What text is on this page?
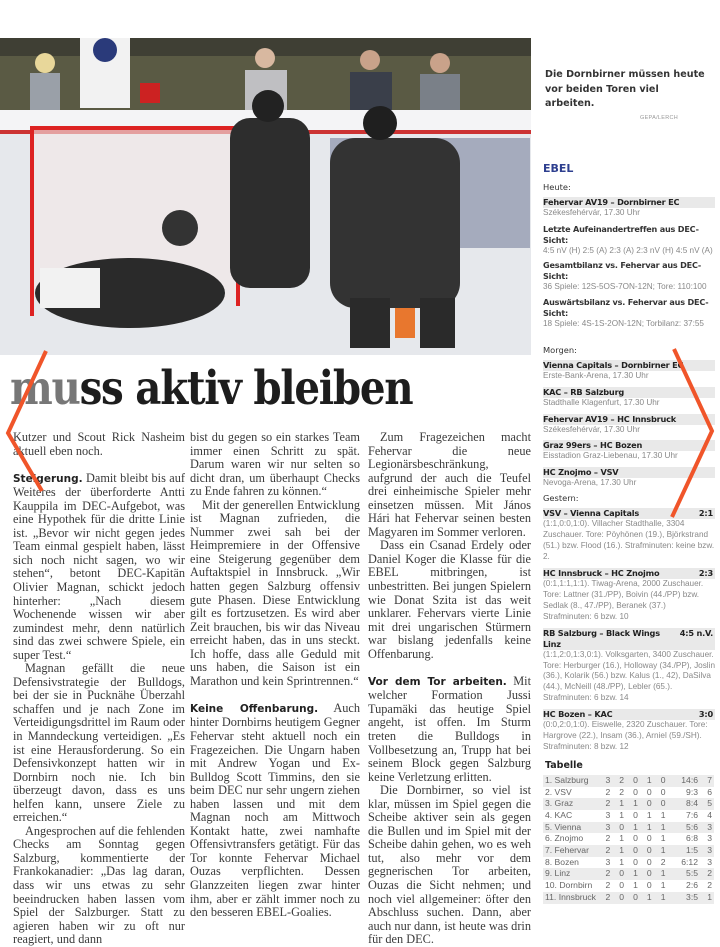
Die Dornbirner müssen heute vor beiden Toren viel arbeiten.
GEPA/LERCH
muss aktiv bleiben

Kutzer und Scout Rick Nasheim aktuell eben noch.

Steigerung. Damit bleibt bis auf Weiteres der überforderte Antti Kauppila im DEC-Aufgebot, was eine Hypothek für die dritte Linie ist. „Bevor wir nicht gegen jedes Team einmal gespielt haben, lässt sich noch nicht sagen, wo wir stehen“, betont DEC-Kapitän Olivier Magnan, schickt jedoch hinterher: „Nach diesem Wochenende wissen wir aber zumindest mehr, denn natürlich sind das zwei schwere Spiele, ein super Test.“

Magnan gefällt die neue Defensivstrategie der Bulldogs, bei der sie in Pucknähe Überzahl schaffen und je nach Zone im Verteidigungsdrittel im Raum oder in Manndeckung verteidigen. „Es ist eine Herausforderung. So ein Defensivkonzept hatten wir in Dornbirn noch nie. Ich bin überzeugt davon, dass es uns helfen kann, unsere Ziele zu erreichen.“

Angesprochen auf die fehlenden Checks am Sonntag gegen Salzburg, kommentierte der Frankokanadier: „Das lag daran, dass wir uns etwas zu sehr beeindrucken haben lassen vom Spiel der Salzburger. Statt zu agieren haben wir zu oft nur reagiert, und dann

bist du gegen so ein starkes Team immer einen Schritt zu spät. Darum waren wir nur selten so dicht dran, um überhaupt Checks zu Ende fahren zu können.“

Mit der generellen Entwicklung ist Magnan zufrieden, die Nummer zwei sah bei der Heimpremiere in der Offensive eine Steigerung gegenüber dem Auftaktspiel in Innsbruck. „Wir hatten gegen Salzburg offensiv gute Phasen. Diese Entwicklung gilt es fortzusetzen. Es wird aber Zeit brauchen, bis wir das Niveau erreicht haben, das in uns steckt. Ich hoffe, dass alle Geduld mit uns haben, die Saison ist ein Marathon und kein Sprintrennen.“

Keine Offenbarung. Auch hinter Dornbirns heutigem Gegner Fehervar steht aktuell noch ein Fragezeichen. Die Ungarn haben mit Andrew Yogan und Ex-Bulldog Scott Timmins, den sie beim DEC nur sehr ungern ziehen haben lassen und mit dem Magnan noch am Mittwoch Kontakt hatte, zwei namhafte Offensivtransfers getätigt. Für das Tor konnte Fehervar Michael Ouzas verpflichten. Dessen Glanzzeiten liegen zwar hinter ihm, aber er zählt immer noch zu den besseren EBEL-Goalies.

Zum Fragezeichen macht Fehervar die neue Legionärsbeschränkung, aufgrund der auch die Teufel drei einheimische Spieler mehr einsetzen müssen. Mit János Hári hat Fehervar seinen besten Magyaren im Sommer verloren.

Dass ein Csanad Erdely oder Daniel Koger die Klasse für die EBEL mitbringen, ist unbestritten. Bei jungen Spielern wie Donat Szita ist das weit unklarer. Fehervars vierte Linie mit drei ungarischen Stürmern war bislang jedenfalls keine Offenbarung.

Vor dem Tor arbeiten. Mit welcher Formation Jussi Tupamäki das heutige Spiel angeht, ist offen. Im Sturm treten die Bulldogs in Vollbesetzung an, Trupp hat bei seinem Block gegen Salzburg keine Verletzung erlitten.

Die Dornbirner, so viel ist klar, müssen im Spiel gegen die Scheibe aktiver sein als gegen die Bullen und im Spiel mit der Scheibe dahin gehen, wo es weh tut, also mehr vor dem gegnerischen Tor arbeiten, Ouzas die Sicht nehmen; und noch viel allgemeiner: öfter den Abschluss suchen. Dann, aber auch nur dann, ist heute was drin für den DEC.

EBEL
Heute:
Fehervar AV19 – Dornbirner EC
Székesfehérvár, 17.30 Uhr
Letzte Aufeinandertreffen aus DEC-Sicht:
4:5 nV (H) 2:5 (A) 2:3 (A) 2:3 nV (H) 4:5 nV (A)
Gesamtbilanz vs. Fehervar aus DEC-Sicht:
36 Spiele: 12S-5OS-7ON-12N; Tore: 110:100
Auswärtsbilanz vs. Fehervar aus DEC-Sicht:
18 Spiele: 4S-1S-2ON-12N; Torbilanz: 37:55
Morgen:
Vienna Capitals – Dornbirner EC
Erste-Bank-Arena, 17.30 Uhr
KAC – RB Salzburg
Stadthalle Klagenfurt, 17.30 Uhr
Fehervar AV19 – HC Innsbruck
Székesfehérvár, 17.30 Uhr
Graz 99ers – HC Bozen
Eisstadion Graz-Liebenau, 17.30 Uhr
HC Znojmo – VSV
Nevoga-Arena, 17.30 Uhr
Gestern:
VSV – Vienna Capitals	2:1
(1:1,0:0,1:0). Villacher Stadthalle, 3304 Zuschauer. Tore: Pöyhönen (19.), Björkstrand (51.) bzw. Flood (16.). Strafminuten: keine bzw. 2.
HC Innsbruck – HC Znojmo	2:3
(0:1,1:1,1:1). Tiwag-Arena, 2000 Zuschauer. Tore: Lattner (31./PP), Boivin (44./PP) bzw. Sedlak (8., 47./PP), Beranek (37.) Strafminuten: 6 bzw. 10
RB Salzburg – Black Wings Linz
4:5 n.V.
(1:1,2:0,1:3,0:1). Volksgarten, 3400 Zuschauer. Tore: Herburger (16.), Holloway (34./PP), Joslin (36.), Kolarik (56.) bzw. Kalus (1., 42), DaSilva (44.), McNeill (48./PP), Lebler (65.). Strafminuten: 6 bzw. 14
HC Bozen – KAC	3:0
(0:0,2:0,1:0). Eiswelle, 2320 Zuschauer. Tore: Hargrove (22.), Insam (36.), Arniel (59./SH). Strafminuten: 8 bzw. 12
Tabelle
1. Salzburg	3	2	0	1	0	14:6	7
2. VSV	2	2	0	0	0	9:3	6
3. Graz	2	1	1	0	0	8:4	5
4. KAC	3	1	0	1	1	7:6	4
5. Vienna	3	0	1	1	1	5:6	3
6. Znojmo	2	1	0	0	1	6:8	3
7. Fehervar	2	1	0	0	1	1:5	3
8. Bozen	3	1	0	0	2	6:12	3
9. Linz	2	0	1	0	1	5:5	2
10. Dornbirn	2	0	1	0	1	2:6	2
11. Innsbruck	2	0	0	1	1	3:5	1
